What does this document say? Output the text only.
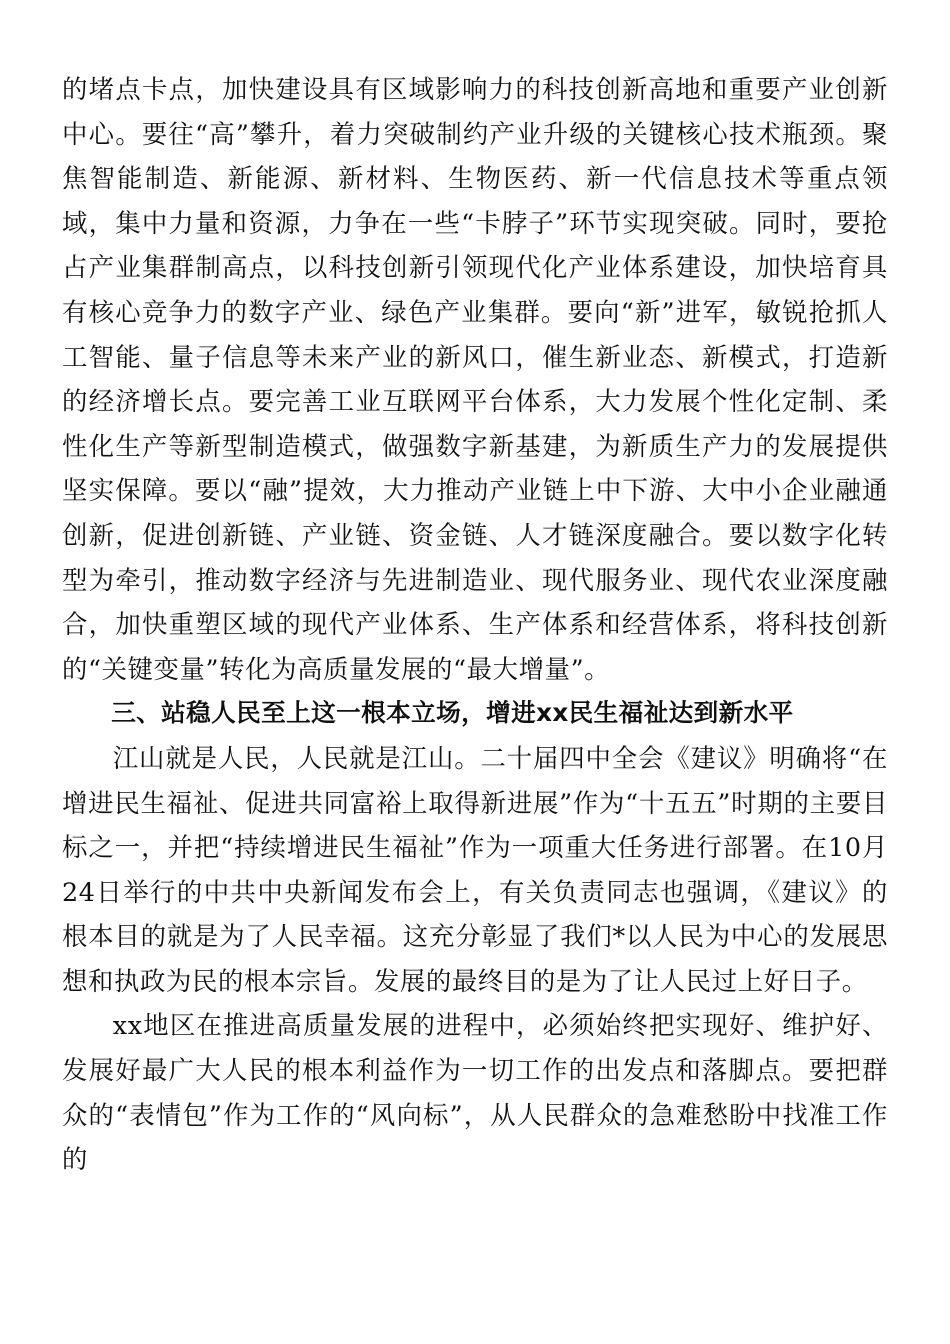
的堵点卡点，加快建设具有区域影响力的科技创新高地和重要产业创新中心。要往“高”攀升，着力突破制约产业升级的关键核心技术瓶颈。聚焦智能制造、新能源、新材料、生物医药、新一代信息技术等重点领域，集中力量和资源，力争在一些“卡脖子”环节实现突破。同时，要抢占产业集群制高点，以科技创新引领现代化产业体系建设，加快培育具有核心竞争力的数字产业、绿色产业集群。要向“新”进军，敏锐抢抓人工智能、量子信息等未来产业的新风口，催生新业态、新模式，打造新的经济增长点。要完善工业互联网平台体系，大力发展个性化定制、柔性化生产等新型制造模式，做强数字新基建，为新质生产力的发展提供坚实保障。要以“融”提效，大力推动产业链上中下游、大中小企业融通创新，促进创新链、产业链、资金链、人才链深度融合。要以数字化转型为牵引，推动数字经济与先进制造业、现代服务业、现代农业深度融合，加快重塑区域的现代产业体系、生产体系和经营体系，将科技创新的“关键变量”转化为高质量发展的“最大增量”。

三、站稳人民至上这一根本立场，增进xx民生福祉达到新水平

江山就是人民，人民就是江山。二十届四中全会《建议》明确将“在增进民生福祉、促进共同富裕上取得新进展”作为“十五五”时期的主要目标之一，并把“持续增进民生福祉”作为一项重大任务进行部署。在10月24日举行的中共中央新闻发布会上，有关负责同志也强调，《建议》的根本目的就是为了人民幸福。这充分彰显了我们*以人民为中心的发展思想和执政为民的根本宗旨。发展的最终目的是为了让人民过上好日子。

xx地区在推进高质量发展的进程中，必须始终把实现好、维护好、发展好最广大人民的根本利益作为一切工作的出发点和落脚点。要把群众的“表情包”作为工作的“风向标”，从人民群众的急难愁盼中找准工作的
